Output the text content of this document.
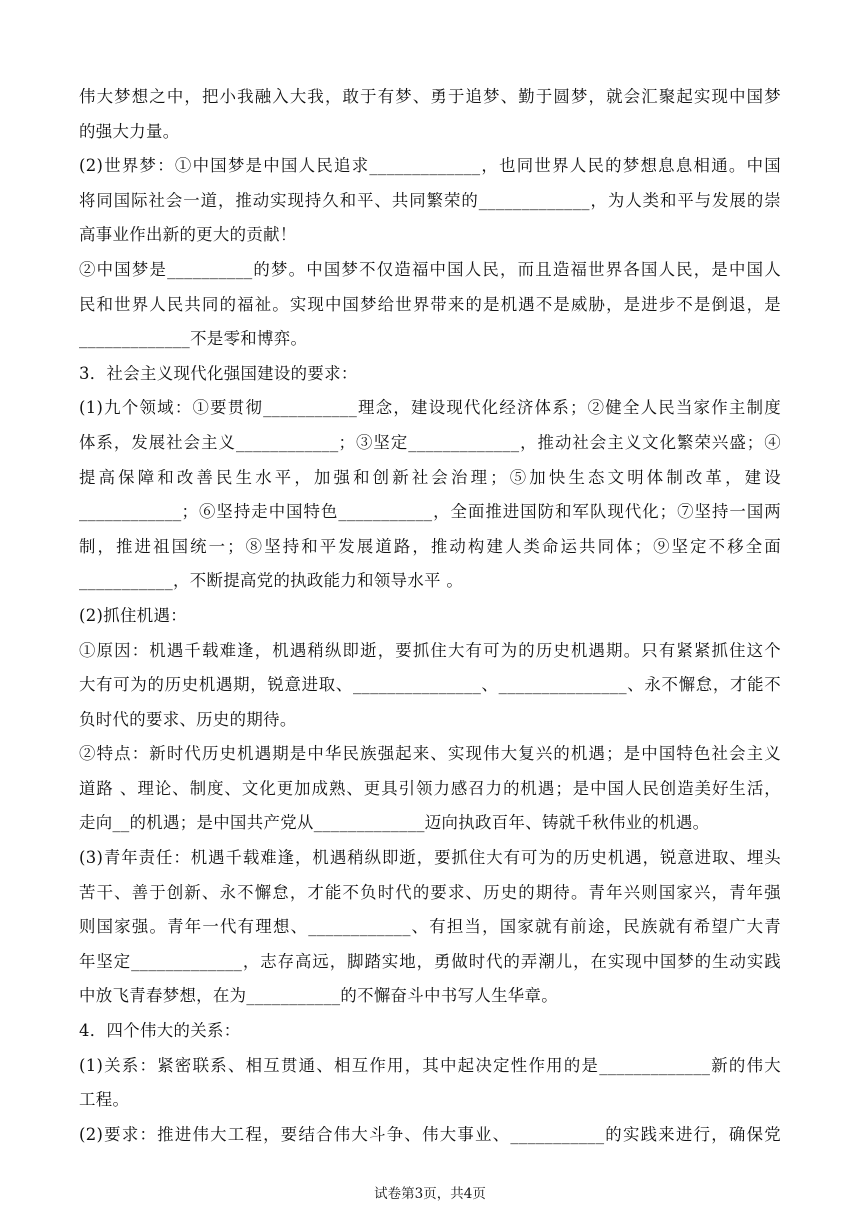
伟大梦想之中，把小我融入大我，敢于有梦、勇于追梦、勤于圆梦，就会汇聚起实现中国梦
的强大力量。
(2)世界梦：①中国梦是中国人民追求_____________，也同世界人民的梦想息息相通。中国
将同国际社会一道，推动实现持久和平、共同繁荣的_____________，为人类和平与发展的崇
高事业作出新的更大的贡献！
②中国梦是__________的梦。中国梦不仅造福中国人民，而且造福世界各国人民，是中国人
民和世界人民共同的福祉。实现中国梦给世界带来的是机遇不是威胁，是进步不是倒退，是
_____________不是零和博弈。
3．社会主义现代化强国建设的要求：
(1)九个领域：①要贯彻___________理念，建设现代化经济体系；②健全人民当家作主制度
体系，发展社会主义____________；③坚定_____________，推动社会主义文化繁荣兴盛；④
提高保障和改善民生水平，加强和创新社会治理；⑤加快生态文明体制改革，建设
____________；⑥坚持走中国特色___________，全面推进国防和军队现代化；⑦坚持一国两
制，推进祖国统一；⑧坚持和平发展道路，推动构建人类命运共同体；⑨坚定不移全面
___________，不断提高党的执政能力和领导水平 。
(2)抓住机遇：
①原因：机遇千载难逢，机遇稍纵即逝，要抓住大有可为的历史机遇期。只有紧紧抓住这个
大有可为的历史机遇期，锐意进取、_______________、_______________、永不懈怠，才能不
负时代的要求、历史的期待。
②特点：新时代历史机遇期是中华民族强起来、实现伟大复兴的机遇；是中国特色社会主义
道路 、理论、制度、文化更加成熟、更具引领力感召力的机遇；是中国人民创造美好生活，
走向__的机遇；是中国共产党从_____________迈向执政百年、铸就千秋伟业的机遇。
(3)青年责任：机遇千载难逢，机遇稍纵即逝，要抓住大有可为的历史机遇，锐意进取、埋头
苦干、善于创新、永不懈怠，才能不负时代的要求、历史的期待。青年兴则国家兴，青年强
则国家强。青年一代有理想、____________、有担当，国家就有前途，民族就有希望广大青
年坚定_____________，志存高远，脚踏实地，勇做时代的弄潮儿，在实现中国梦的生动实践
中放飞青春梦想，在为___________的不懈奋斗中书写人生华章。
4．四个伟大的关系：
(1)关系：紧密联系、相互贯通、相互作用，其中起决定性作用的是_____________新的伟大
工程。
(2)要求：推进伟大工程，要结合伟大斗争、伟大事业、___________的实践来进行，确保党
试卷第3页，共4页
